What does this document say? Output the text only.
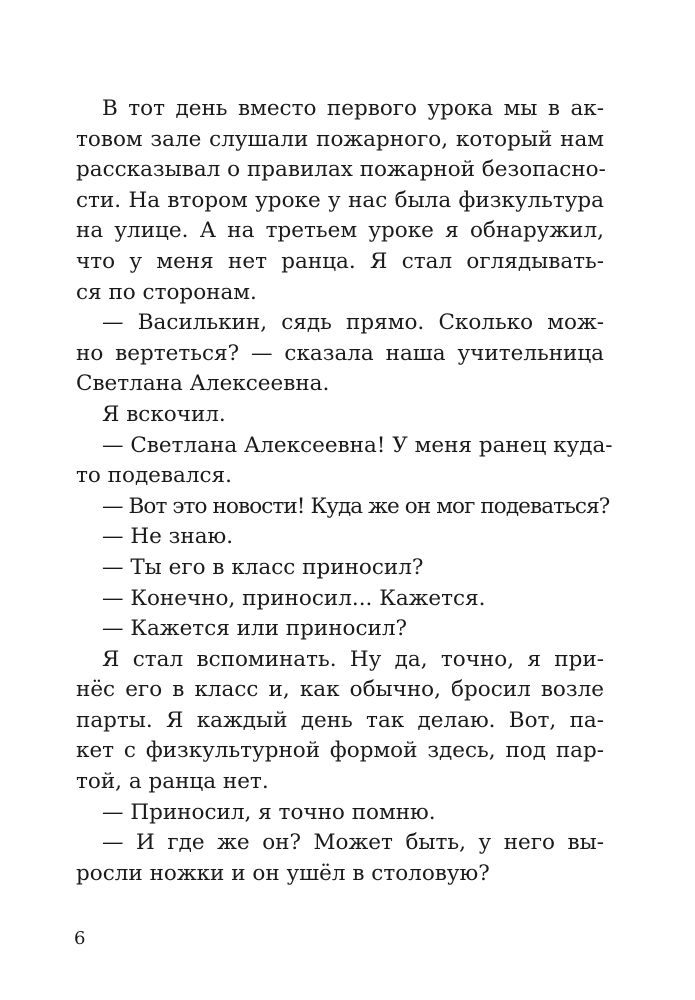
В тот день вместо первого урока мы в ак-
товом зале слушали пожарного, который нам
рассказывал о правилах пожарной безопасно-
сти. На втором уроке у нас была физкультура
на улице. А на третьем уроке я обнаружил,
что у меня нет ранца. Я стал оглядывать-
ся по сторонам.
— Василькин, сядь прямо. Сколько мож-
но вертеться? — сказала наша учительница
Светлана Алексеевна.
Я вскочил.
— Светлана Алексеевна! У меня ранец куда-
то подевался.
— Вот это новости! Куда же он мог подеваться?
— Не знаю.
— Ты его в класс приносил?
— Конечно, приносил... Кажется.
— Кажется или приносил?
Я стал вспоминать. Ну да, точно, я при-
нёс его в класс и, как обычно, бросил возле
парты. Я каждый день так делаю. Вот, па-
кет с физкультурной формой здесь, под пар-
той, а ранца нет.
— Приносил, я точно помню.
— И где же он? Может быть, у него вы-
росли ножки и он ушёл в столовую?
6
